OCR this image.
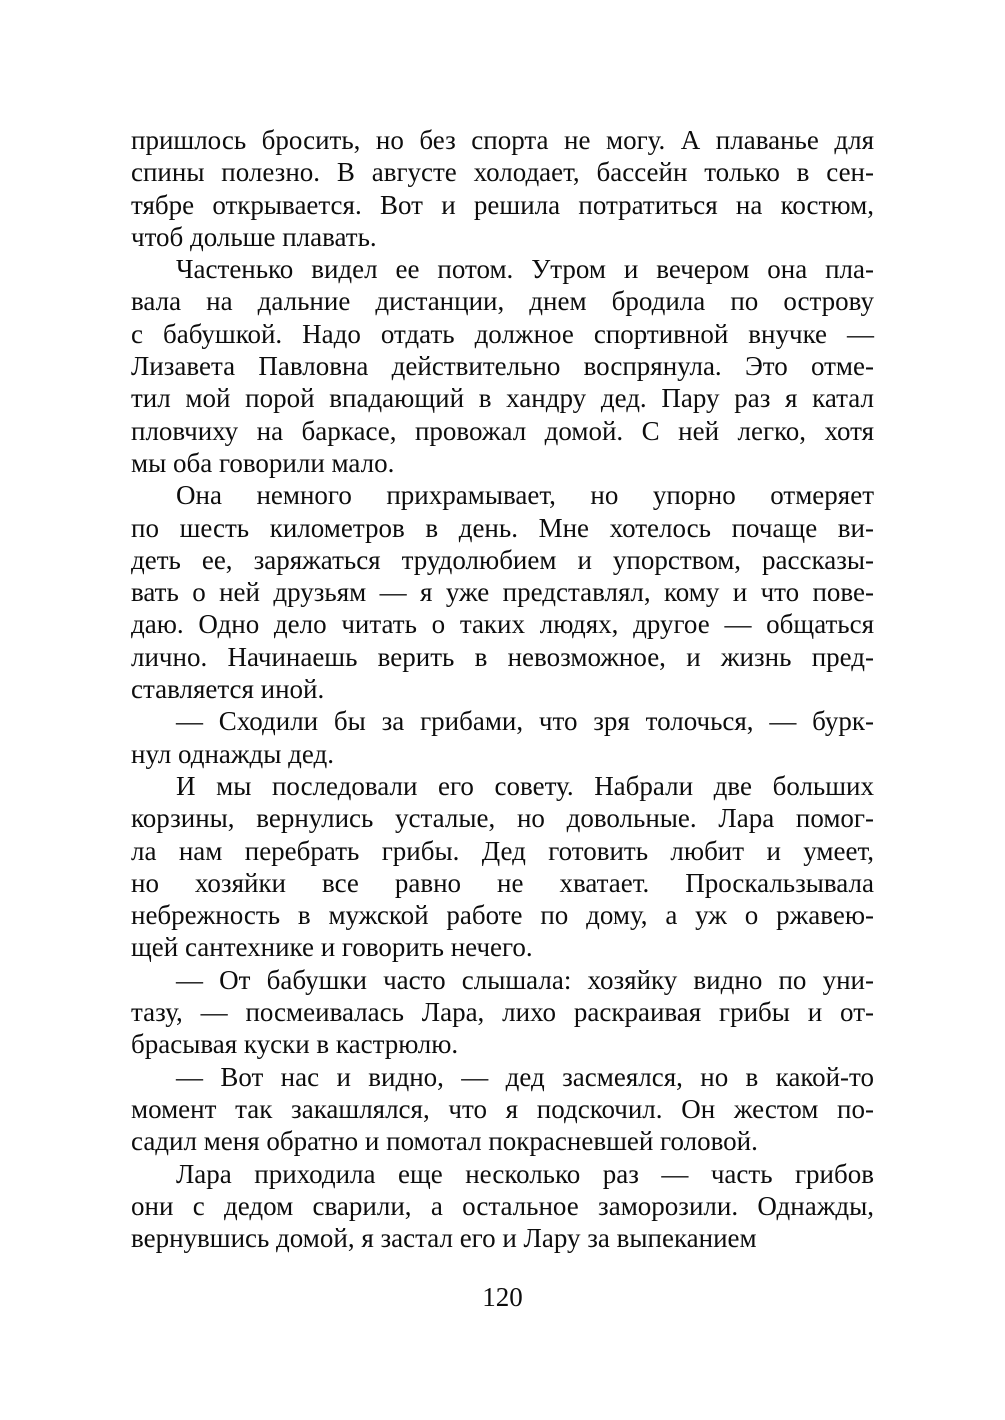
пришлось бросить, но без спорта не могу. А плаванье для
спины полезно. В августе холодает, бассейн только в сен-
тябре открывается. Вот и решила потратиться на костюм,
чтоб дольше плавать.
Частенько видел ее потом. Утром и вечером она пла-
вала на дальние дистанции, днем бродила по острову
с бабушкой. Надо отдать должное спортивной внучке —
Лизавета Павловна действительно воспрянула. Это отме-
тил мой порой впадающий в хандру дед. Пару раз я катал
пловчиху на баркасе, провожал домой. С ней легко, хотя
мы оба говорили мало.
Она немного прихрамывает, но упорно отмеряет
по шесть километров в день. Мне хотелось почаще ви-
деть ее, заряжаться трудолюбием и упорством, рассказы-
вать о ней друзьям — я уже представлял, кому и что пове-
даю. Одно дело читать о таких людях, другое — общаться
лично. Начинаешь верить в невозможное, и жизнь пред-
ставляется иной.
— Сходили бы за грибами, что зря толочься, — бурк-
нул однажды дед.
И мы последовали его совету. Набрали две больших
корзины, вернулись усталые, но довольные. Лара помог-
ла нам перебрать грибы. Дед готовить любит и умеет,
но хозяйки все равно не хватает. Проскальзывала
небрежность в мужской работе по дому, а уж о ржавею-
щей сантехнике и говорить нечего.
— От бабушки часто слышала: хозяйку видно по уни-
тазу, — посмеивалась Лара, лихо раскраивая грибы и от-
брасывая куски в кастрюлю.
— Вот нас и видно, — дед засмеялся, но в какой-то
момент так закашлялся, что я подскочил. Он жестом по-
садил меня обратно и помотал покрасневшей головой.
Лара приходила еще несколько раз — часть грибов
они с дедом сварили, а остальное заморозили. Однажды,
вернувшись домой, я застал его и Лару за выпеканием
120
